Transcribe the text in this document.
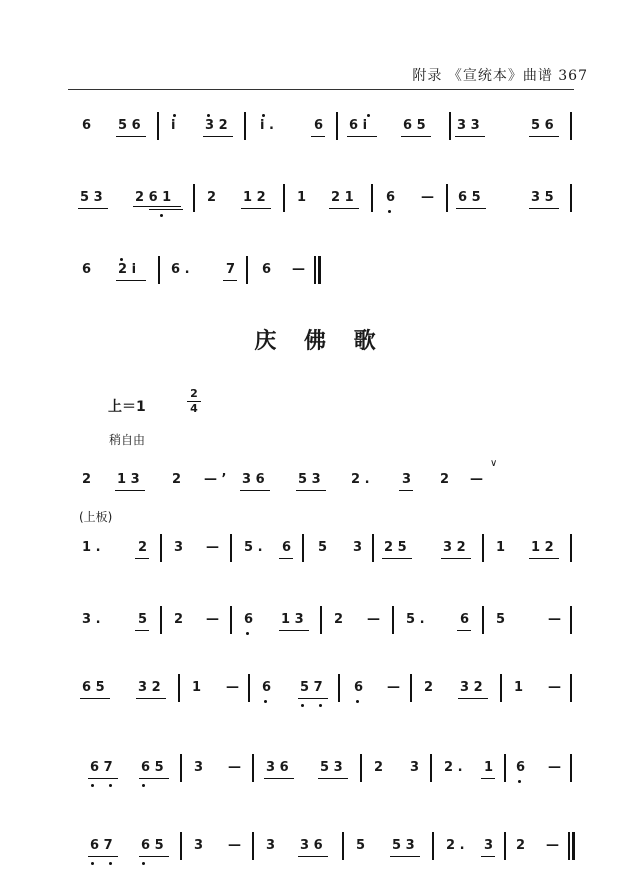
附录 《宣统本》曲谱 367
庆 佛 歌
上＝1
2
4
稍自由
(上板)
6 5 6 i 3 2 i .	6 6 i	6 5 3 3	5 6
5 3 2 6 1	2 1 2 1 2 1 6 — 6 5	3 5
6 2 i	6 .	7 6 —
2 1 3 2 — ’ 3 6	5 3 2 . 3 2 —
∨
1 .	2 3 — 5 . 6 5 3 2 5	3 2 1 1 2
3 .	5 2 — 6 1 3 2 — 5 .	6 5	—
6 5	3 2 1 — 6 5 7 6 — 2 3 2 1 —
6 7 6 5 3 — 3 6 5 3 2 3 2 . 1 6 —
6 7 6 5 3 — 3 3 6	5 5 3 2 . 3 2 —
